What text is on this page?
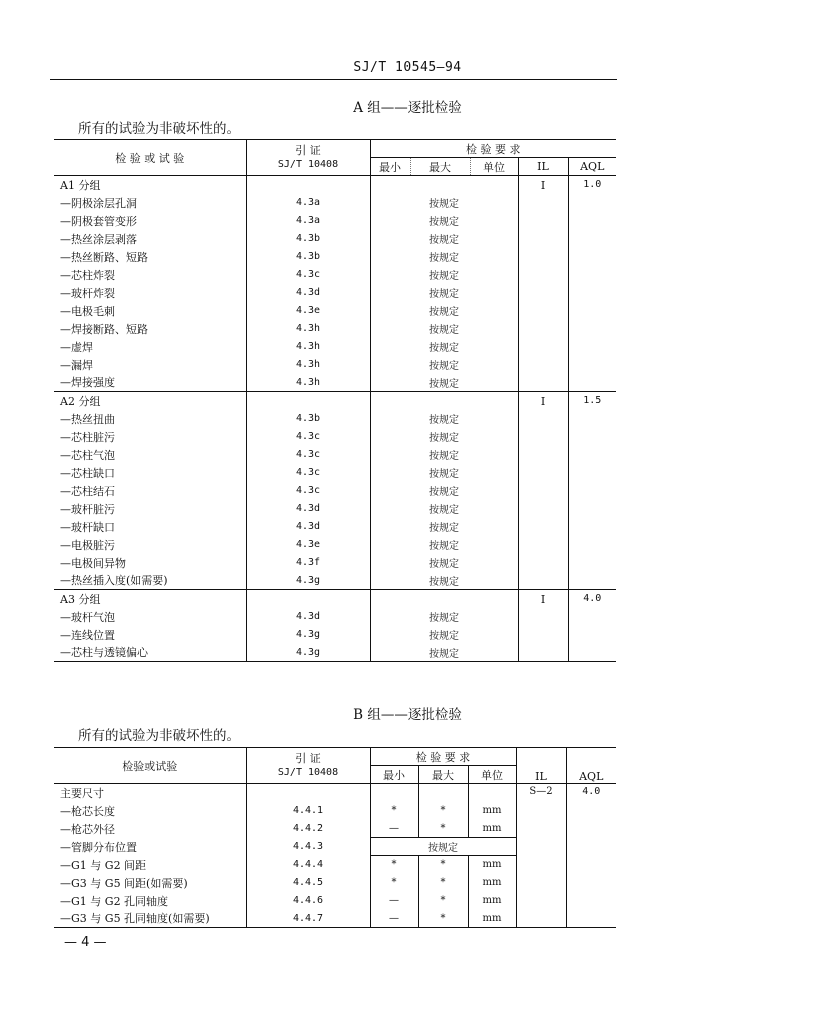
SJ/T 10545—94
A 组——逐批检验
所有的试验为非破坏性的。
检 验 或 试 验	引 证
SJ/T 10408	检 验 要 求				
		最小	最大	单位	IL	AQL
A1 分组					I	1.0
—阴极涂层孔洞	4.3a	按规定				
—阴极套管变形	4.3a	按规定				
—热丝涂层剥落	4.3b	按规定				
—热丝断路、短路	4.3b	按规定				
—芯柱炸裂	4.3c	按规定				
—玻杆炸裂	4.3d	按规定				
—电极毛刺	4.3e	按规定				
—焊接断路、短路	4.3h	按规定				
—虚焊	4.3h	按规定				
—漏焊	4.3h	按规定				
—焊接强度	4.3h	按规定				
A2 分组					I	1.5
—热丝扭曲	4.3b	按规定				
—芯柱脏污	4.3c	按规定				
—芯柱气泡	4.3c	按规定				
—芯柱缺口	4.3c	按规定				
—芯柱结石	4.3c	按规定				
—玻杆脏污	4.3d	按规定				
—玻杆缺口	4.3d	按规定				
—电极脏污	4.3e	按规定				
—电极间异物	4.3f	按规定				
—热丝插入度(如需要)	4.3g	按规定				
A3 分组					I	4.0
—玻杆气泡	4.3d	按规定				
—连线位置	4.3g	按规定				
—芯柱与透镜偏心	4.3g	按规定				
B 组——逐批检验
所有的试验为非破坏性的。
检验或试验	引 证
SJ/T 10408	检 验 要 求			IL	AQL
		最小	最大	单位		
主要尺寸					S—2	4.0
—枪芯长度	4.4.1	*	*	mm		
—枪芯外径	4.4.2	—	*	mm		
—管脚分布位置	4.4.3	按规定				
—G1 与 G2 间距	4.4.4	*	*	mm		
—G3 与 G5 间距(如需要)	4.4.5	*	*	mm		
—G1 与 G2 孔同轴度	4.4.6	—	*	mm		
—G3 与 G5 孔同轴度(如需要)	4.4.7	—	*	mm		
— 4 —
